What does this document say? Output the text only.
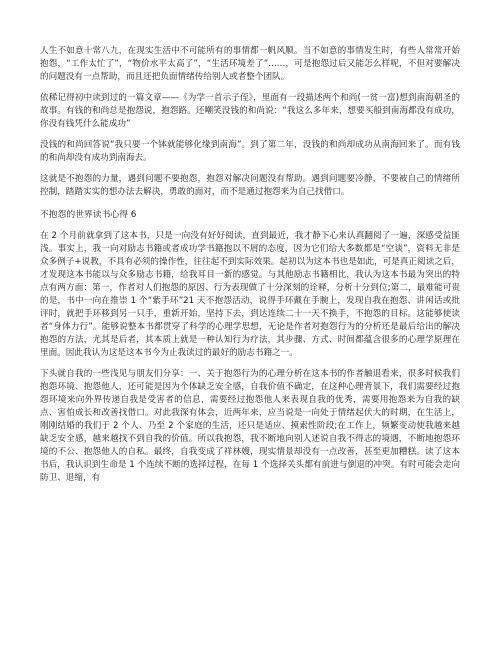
人生不如意十常八九，在现实生活中不可能所有的事情都一帆风顺。当不如意的事情发生时，有些人常常开始抱怨，“工作太忙了”，“物价水平太高了”，“生活环境差了”……，可是抱怨过后又能怎么样呢，不但对要解决的问题没有一点帮助，而且还把负面情绪传给别人或者整个团队。

依稀记得初中读到过的一篇文章——《为学一首示子侄》，里面有一段描述两个和尚(一贫一富)想到南海朝圣的故事。有钱的和尚总是抱怨说，抱怨路。还嘲笑没钱的和尚说：“我这么多年来，想要买船到南海都没有成功，你没有钱凭什么能成功”

没钱的和尚回答说“我只要一个钵就能够化缘到南海”。到了第二年，没钱的和尚却成功从南海回来了。而有钱的和尚却没有成功到南海去。

这就是不抱怨的力量，遇到问题不要抱怨，抱怨对解决问题没有帮助。遇到问题要冷静，不要被自己的情绪所控制，踏踏实实的想办法去解决，勇敢的面对，而不是通过抱怨来为自己找借口。

不抱怨的世界读书心得 6

在 2 个月前就拿到了这本书，只是一向没有好好阅读，直到最近，我才静下心来认真翻阅了一遍，深感受益匪浅。事实上，我一向对励志书籍或者成功学书籍抱以不屑的态度，因为它们给大多数都是“空谈”，资料无非是众多例子+说教，不具有必须的操作性，往往起不到实际效果。起初以为这本书也是如此，可是真正阅读之后，才发现这本书能以与众多励志书籍，给我耳目一新的感觉。与其他励志书籍相比，我认为这本书最为突出的特点有两方面：第一，作者对人们抱怨的原因、行为表现做了十分深刻的诠释，分析十分到位;第二，最难能可贵的是，书中一向在推崇 1 个“紫手环”21 天不抱怨活动，说得手环戴在手腕上，发现自我在抱怨、讲闲话或批评时，就把手环移到另一只手，重新开始，坚持下去，到达连续二十一天不换手，不抱怨的目标。这能够使读者“身体力行”。能够说整本书都贯穿了科学的心理学思想，无论是作者对抱怨行为的分析还是最后给出的解决抱怨的方法，尤其是后者，其本质上就是一种认知行为疗法，其步骤、方式、时间都蕴含很多的心理学原理在里面。因此我认为这是这本书今为止我读过的最好的励志书籍之一。

下头就自我的一些浅见与朋友们分享：一、关于抱怨行为的心理分析在这本书的作者触退看来，很多时候我们抱怨环境、抱怨他人，还可能是因为个体缺乏安全感，自我价值不确定，在这种心理背景下，我们需要经过抱怨环境来向外界传递自我是受害者的信息，需要经过抱怨他人来表现自我的优秀，需要用抱怨来为自我的缺点、害怕成长和改善找借口。对此我深有体会，近两年来，应当说是一向处于情绪起伏大的时期，在生活上，刚刚结婚的我们于 2 个人、乃至 2 个家庭的生活，还只是适应、摸索性阶段;在工作上，频繁变动使我越来越缺乏安全感，越来越找不到自我的价值。所以我抱怨，我不断地向别人述说自我不得志的境遇，不断地抱怨环境的不公、抱怨他人的自私。最终，自我变成了祥林嫂，现实情景却没有一点改善，甚至更加糟糕。读了这本书后，我认识到生命是 1 个连续不断的选择过程，在每 1 个选择关头都有前进与倒退的冲突。有时可能会走向防卫、退缩，有
